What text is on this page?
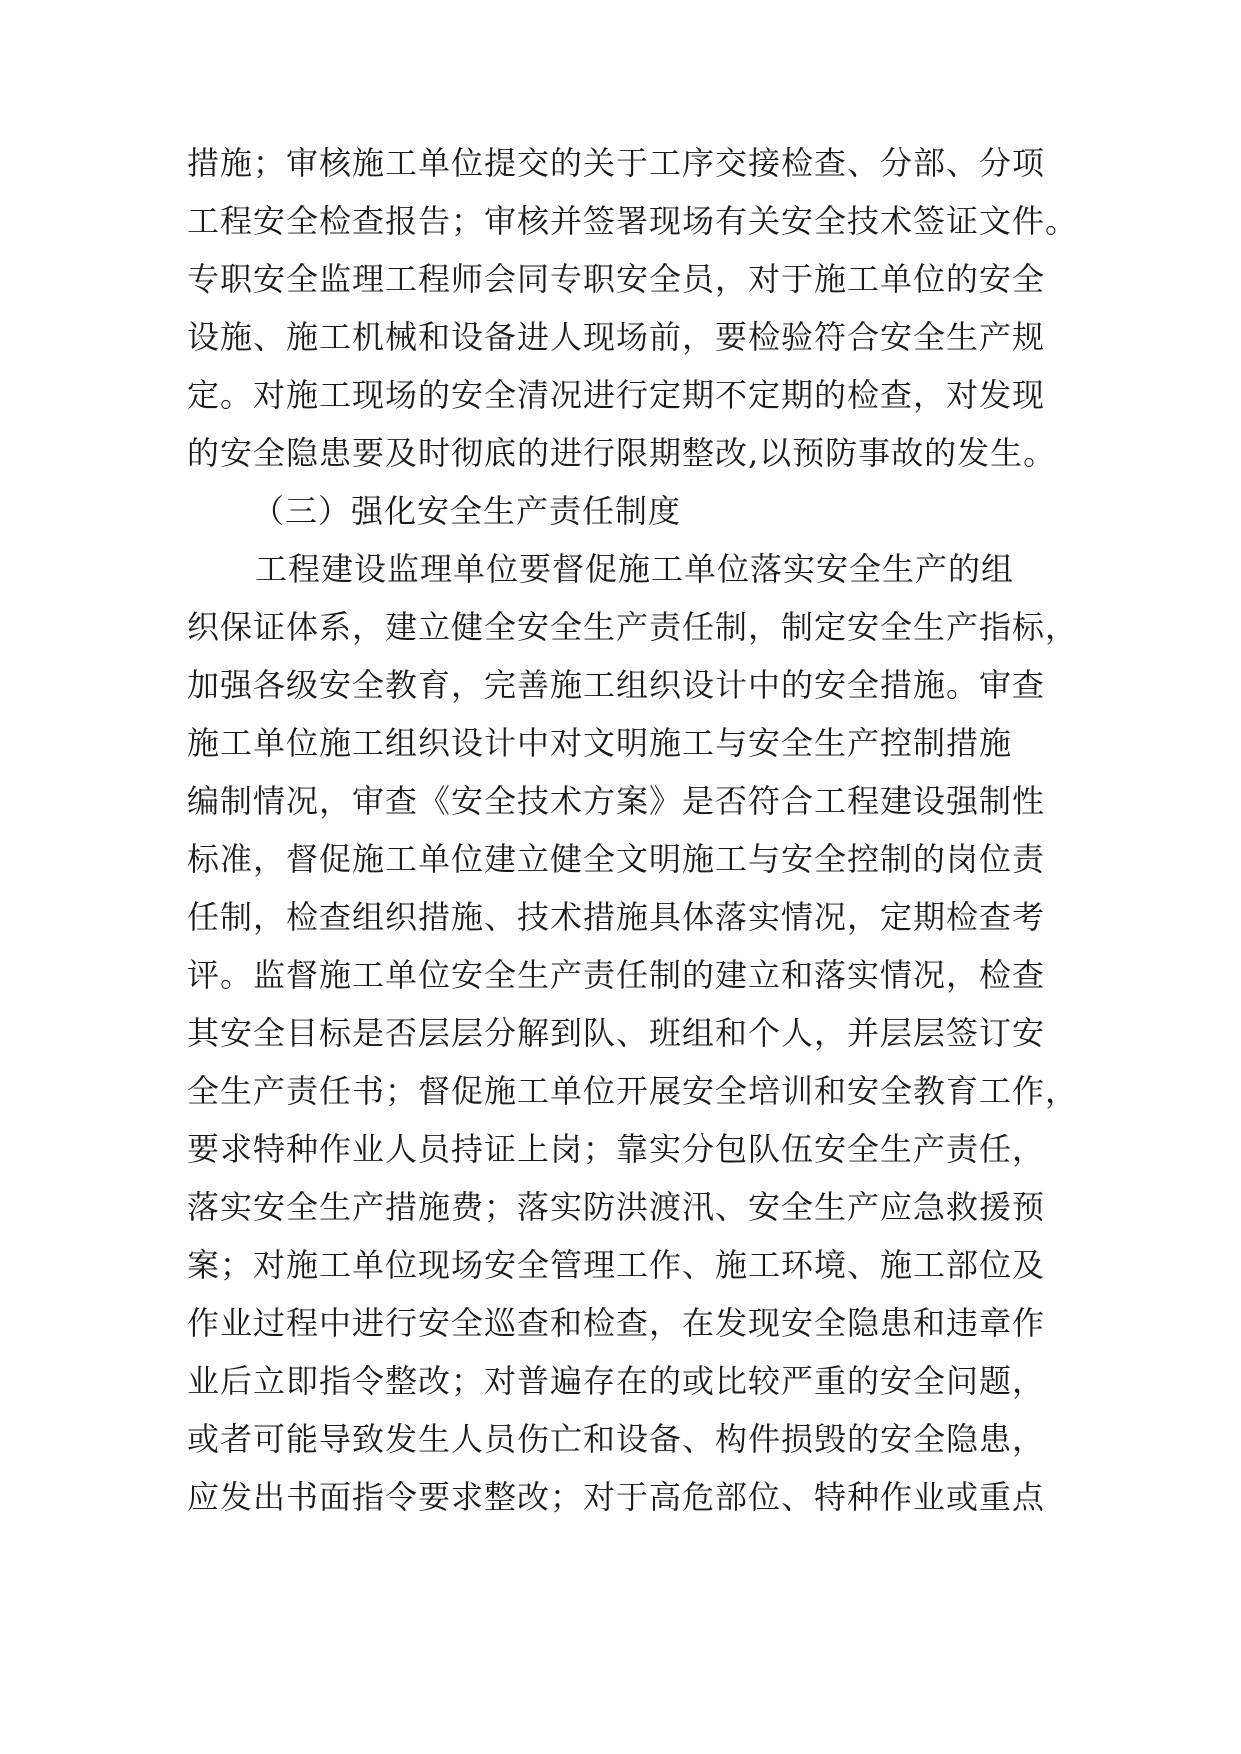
措施；审核施工单位提交的关于工序交接检查、分部、分项
工程安全检查报告；审核并签署现场有关安全技术签证文件。
专职安全监理工程师会同专职安全员，对于施工单位的安全
设施、施工机械和设备进人现场前，要检验符合安全生产规
定。对施工现场的安全清况进行定期不定期的检查，对发现
的安全隐患要及时彻底的进行限期整改,以预防事故的发生。
（三）强化安全生产责任制度
工程建设监理单位要督促施工单位落实安全生产的组
织保证体系，建立健全安全生产责任制，制定安全生产指标，
加强各级安全教育，完善施工组织设计中的安全措施。审查
施工单位施工组织设计中对文明施工与安全生产控制措施
编制情况，审查《安全技术方案》是否符合工程建设强制性
标准，督促施工单位建立健全文明施工与安全控制的岗位责
任制，检查组织措施、技术措施具体落实情况，定期检查考
评。监督施工单位安全生产责任制的建立和落实情况，检查
其安全目标是否层层分解到队、班组和个人，并层层签订安
全生产责任书；督促施工单位开展安全培训和安全教育工作，
要求特种作业人员持证上岗；靠实分包队伍安全生产责任，
落实安全生产措施费；落实防洪渡汛、安全生产应急救援预
案；对施工单位现场安全管理工作、施工环境、施工部位及
作业过程中进行安全巡查和检查，在发现安全隐患和违章作
业后立即指令整改；对普遍存在的或比较严重的安全问题，
或者可能导致发生人员伤亡和设备、构件损毁的安全隐患，
应发出书面指令要求整改；对于高危部位、特种作业或重点
